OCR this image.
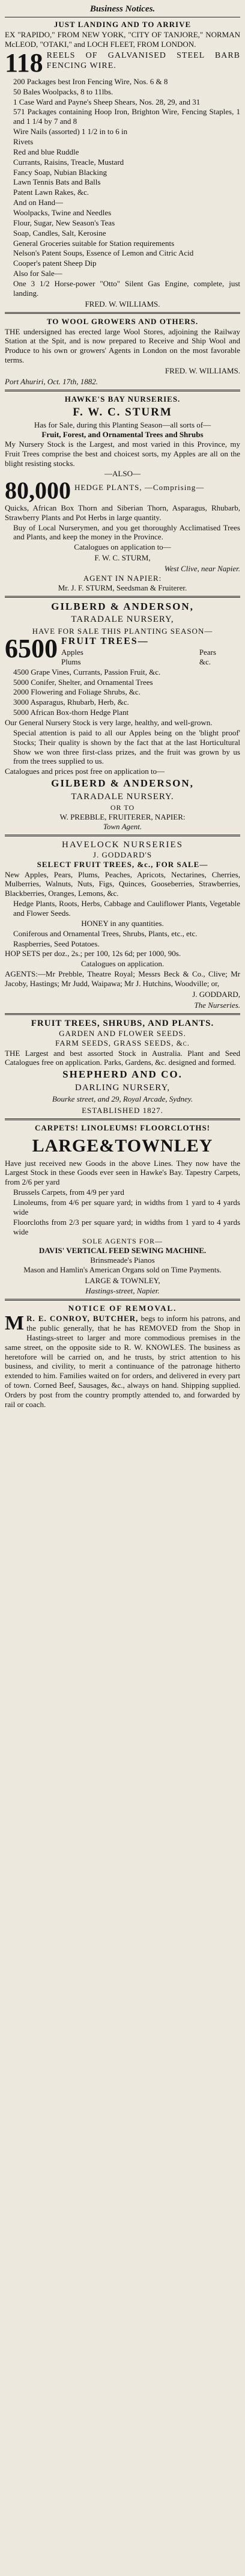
Business Notices.
JUST LANDING AND TO ARRIVE
EX "RAPIDO," FROM NEW YORK, "CITY OF TANJORE," NORMAN McLEOD, "OTAKI," and LOCH FLEET, FROM LONDON.
118 REELS OF GALVANISED STEEL BARB FENCING WIRE.
200 Packages best Iron Fencing Wire, Nos. 6 & 8
50 Bales Woolpacks, 8 to 11lbs.
1 Case Ward and Payne's Sheep Shears, Nos. 28, 29, and 31
571 Packages containing Hoop Iron, Brighton Wire, Fencing Staples, 1 and 1 1/4 by 7 and 8
Wire Nails (assorted) 1 1/2 in to 6 in
Rivets
Red and blue Ruddle
Currants, Raisins, Treacle, Mustard
Fancy Soap, Nubian Blacking
Lawn Tennis Bats and Balls
Patent Lawn Rakes, &c.
And on Hand—
Woolpacks, Twine and Needles
Flour, Sugar, New Season's Teas
Soap, Candles, Salt, Kerosine
General Groceries suitable for Station requirements
Nelson's Patent Soups, Essence of Lemon and Citric Acid
Cooper's patent Sheep Dip
Also for Sale—
One 3 1/2 Horse-power "Otto" Silent Gas Engine, complete, just landing.
FRED. W. WILLIAMS.
TO WOOL GROWERS AND OTHERS.
THE undersigned has erected large Wool Stores, adjoining the Railway Station at the Spit, and is now prepared to Receive and Ship Wool and Produce to his own or growers' Agents in London on the most favorable terms.
FRED. W. WILLIAMS.
Port Ahuriri, Oct. 17th, 1882.
HAWKE'S BAY NURSERIES.
F. W. C. STURM
Has for Sale, during this Planting Season—all sorts of—
Fruit, Forest, and Ornamental Trees and Shrubs
My Nursery Stock is the Largest, and most varied in this Province, my Fruit Trees comprise the best and choicest sorts, my Apples are all on the blight resisting stocks.
—ALSO—
80,000 HEDGE PLANTS, —Comprising—
Quicks, African Box Thorn and Siberian Thorn, Asparagus, Rhubarb, Strawberry Plants and Pot Herbs in large quantity.
Buy of Local Nurserymen, and you get thoroughly Acclimatised Trees and Plants, and keep the money in the Province.
Catalogues on application to—
F. W. C. STURM,
West Clive, near Napier.
AGENT IN NAPIER:
Mr. J. F. STURM, Seedsman & Fruiterer.
GILBERD & ANDERSON,
TARADALE NURSERY,
HAVE FOR SALE THIS PLANTING SEASON—
6500 FRUIT TREES—
Apples
Plums
Pears
&c.
4500 Grape Vines, Currants, Passion Fruit, &c.
5000 Conifer, Shelter, and Ornamental Trees
2000 Flowering and Foliage Shrubs, &c.
3000 Asparagus, Rhubarb, Herb, &c.
5000 African Box-thorn Hedge Plant
Our General Nursery Stock is very large, healthy, and well-grown.
Special attention is paid to all our Apples being on the 'blight proof' Stocks; Their quality is shown by the fact that at the last Horticultural Show we won three first-class prizes, and the fruit was grown by us from the trees supplied to us.
Catalogues and prices post free on application to—
GILBERD & ANDERSON,
TARADALE NURSERY.
OR TO
W. PREBBLE, FRUITERER, NAPIER:
Town Agent.
HAVELOCK NURSERIES
J. GODDARD'S
SELECT FRUIT TREES, &c., FOR SALE—
New Apples, Pears, Plums, Peaches, Apricots, Nectarines, Cherries, Mulberries, Walnuts, Nuts, Figs, Quinces, Gooseberries, Strawberries, Blackberries, Oranges, Lemons, &c.
Hedge Plants, Roots, Herbs, Cabbage and Cauliflower Plants, Vegetable and Flower Seeds.
HONEY in any quantities.
Coniferous and Ornamental Trees, Shrubs, Plants, etc., etc.
Raspberries, Seed Potatoes.
HOP SETS per doz., 2s.; per 100, 12s 6d; per 1000, 90s.
Catalogues on application.
AGENTS:—Mr Prebble, Theatre Royal; Messrs Beck & Co., Clive; Mr Jacoby, Hastings; Mr Judd, Waipawa; Mr J. Hutchins, Woodville; or,
J. GODDARD,
The Nurseries.
FRUIT TREES, SHRUBS, AND PLANTS.
GARDEN AND FLOWER SEEDS.
FARM SEEDS, GRASS SEEDS, &c.
THE Largest and best assorted Stock in Australia. Plant and Seed Catalogues free on application. Parks, Gardens, &c. designed and formed.
SHEPHERD AND CO.
DARLING NURSERY,
Bourke street, and 29, Royal Arcade, Sydney.
ESTABLISHED 1827.
CARPETS! LINOLEUMS! FLOORCLOTHS!
LARGE&TOWNLEY
Have just received new Goods in the above Lines. They now have the Largest Stock in these Goods ever seen in Hawke's Bay. Tapestry Carpets, from 2/6 per yard
Brussels Carpets, from 4/9 per yard
Linoleums, from 4/6 per square yard; in widths from 1 yard to 4 yards wide
Floorcloths from 2/3 per square yard; in widths from 1 yard to 4 yards wide
SOLE AGENTS FOR—
DAVIS' VERTICAL FEED SEWING MACHINE.
Brinsmeade's Pianos
Mason and Hamlin's American Organs sold on Time Payments.
LARGE & TOWNLEY,
Hastings-street, Napier.
NOTICE OF REMOVAL.
M R. E. CONROY, BUTCHER, begs to inform his patrons, and the public generally, that he has REMOVED from the Shop in Hastings-street to larger and more commodious premises in the same street, on the opposite side to R. W. KNOWLES. The business as heretofore will be carried on, and he trusts, by strict attention to his business, and civility, to merit a continuance of the patronage hitherto extended to him. Families waited on for orders, and delivered in every part of town. Corned Beef, Sausages, &c., always on hand. Shipping supplied. Orders by post from the country promptly attended to, and forwarded by rail or coach.
